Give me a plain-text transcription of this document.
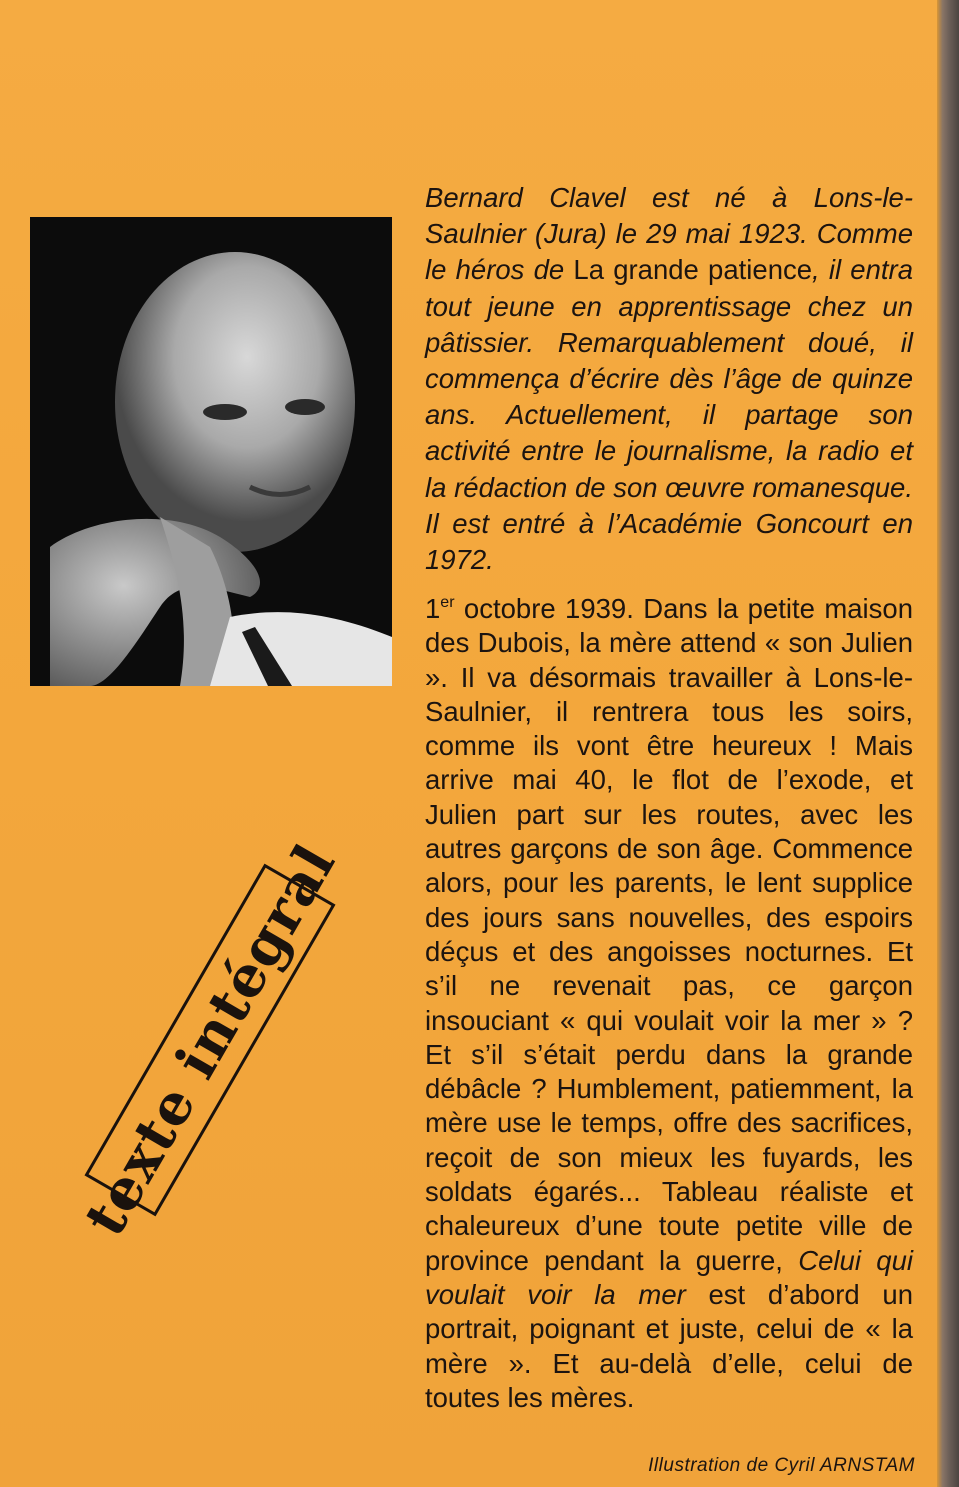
Bernard Clavel est né à Lons-le-Saulnier (Jura) le 29 mai 1923. Comme le héros de La grande patience, il entra tout jeune en apprentissage chez un pâtissier. Remarquablement doué, il commença d’écrire dès l’âge de quinze ans. Actuellement, il partage son activité entre le journalisme, la radio et la rédaction de son œuvre romanesque. Il est entré à l’Académie Goncourt en 1972.

1er octobre 1939. Dans la petite maison des Dubois, la mère attend « son Julien ». Il va désormais travailler à Lons-le-Saulnier, il rentrera tous les soirs, comme ils vont être heureux ! Mais arrive mai 40, le flot de l’exode, et Julien part sur les routes, avec les autres garçons de son âge. Commence alors, pour les parents, le lent supplice des jours sans nouvelles, des espoirs déçus et des angoisses nocturnes. Et s’il ne revenait pas, ce garçon insouciant « qui voulait voir la mer » ? Et s’il s’était perdu dans la grande débâcle ? Humblement, patiemment, la mère use le temps, offre des sacrifices, reçoit de son mieux les fuyards, les soldats égarés... Tableau réaliste et chaleureux d’une toute petite ville de province pendant la guerre, Celui qui voulait voir la mer est d’abord un portrait, poignant et juste, celui de « la mère ». Et au-delà d’elle, celui de toutes les mères.

texte intégral
Illustration de Cyril ARNSTAM
